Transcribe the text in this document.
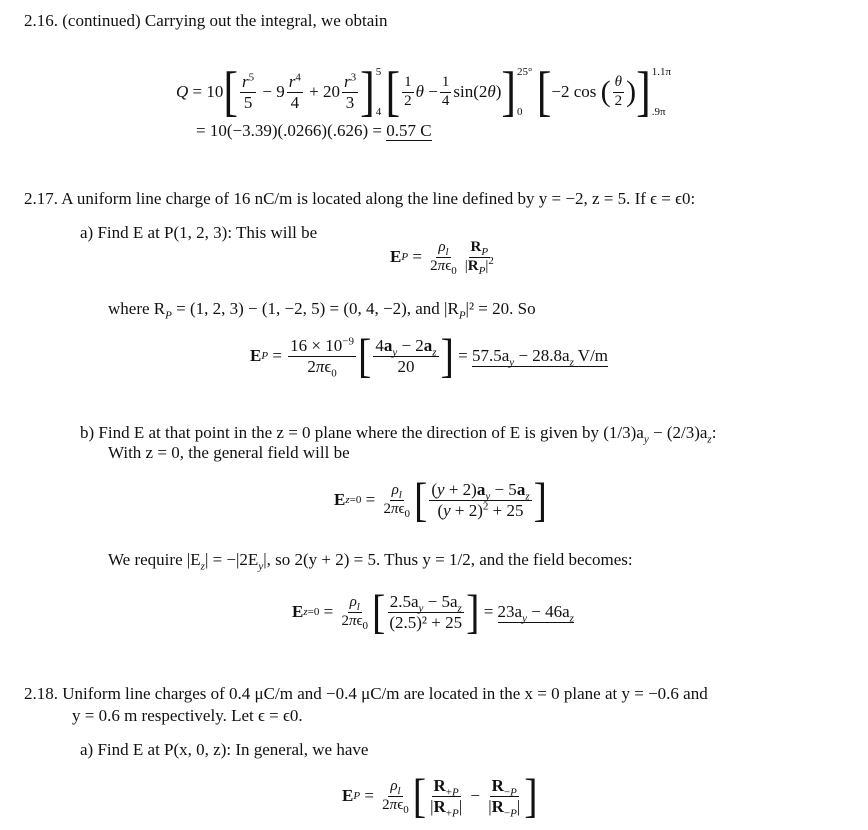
2.16. (continued) Carrying out the integral, we obtain
Q = 10 [ $\frac{r^5}{5} - 9 \frac{r^4}{4} + 20 \frac{r^3}{3}$ ] 5
4
[ $\frac{1}{2}$ $\theta - \frac{1}{4} \sin(2$ θ ) ] 25°
0
[ −2 cos ( $\frac{\theta}{2}$ ) ] 1.1π
.9π
= 10(−3.39)(.0266)(.626) = 0.57 C
2.17. A uniform line charge of 16 nC/m is located along the line defined by y = −2, z = 5. If ϵ = ϵ0:
a) Find E at P(1, 2, 3): This will be
E $P = \frac{\rho_l}{2\pi\epsilon_0} \frac{R_P}{|R_P|^2}$
where $R_P = (1$, 2, 3) − (1, −2, 5) = (0, 4, −2), and $|R_P|^2 = 20$. So
E $P = \frac{16 \times 10^{-9}}{2\pi\epsilon_0}$ [ $\frac{4a_y - 2a_z}{20}$ ] = $57.5a_y - 28.8a_z$ V/m
b) Find E at that point in the z = 0 plane where the direction of E is given by $(1/3)a_y - (2/3)a_z$:
With z = 0, the general field will be
E $z=0 = \frac{\rho_l}{2\pi\epsilon_0}$ [ $\frac{(y + 2)a_y - 5a_z}{(y + 2)^2 + 25}$ ]
We require $|E_z| = -|2E_y|$, so 2(y + 2) = 5. Thus y = 1/2, and the field becomes:
E $z=0 = \frac{\rho_l}{2\pi\epsilon_0}$ [ $\frac{2.5a_y - 5a_z}{\text{(2.5)² + 25}}$ ] = $23a_y - 46a_z$
2.18. Uniform line charges of 0.4 μC/m and −0.4 μC/m are located in the x = 0 plane at y = −0.6 and
y = 0.6 m respectively. Let ϵ = ϵ0.
a) Find E at P(x, 0, z): In general, we have
E $P = \frac{\rho_l}{2\pi\epsilon_0}$ [ $\frac{R_{+P}}{|R_{+P}|} - \frac{R_{-P}}{|R_{-P}|}$ ]
